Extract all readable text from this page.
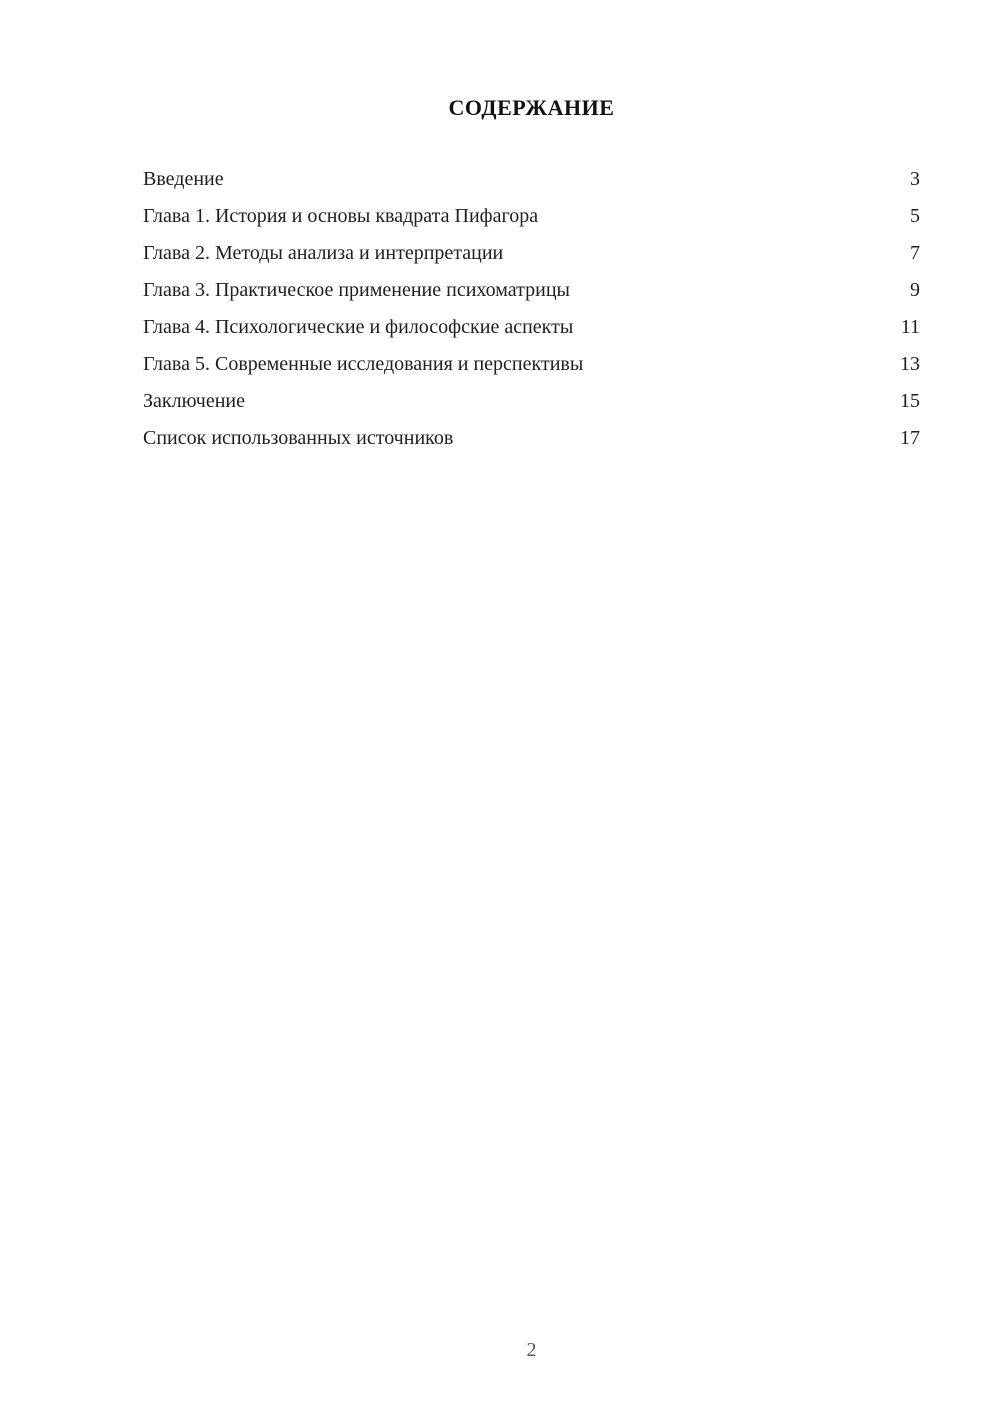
СОДЕРЖАНИЕ
Введение	3
Глава 1. История и основы квадрата Пифагора	5
Глава 2. Методы анализа и интерпретации	7
Глава 3. Практическое применение психоматрицы	9
Глава 4. Психологические и философские аспекты	11
Глава 5. Современные исследования и перспективы	13
Заключение	15
Список использованных источников	17
2
